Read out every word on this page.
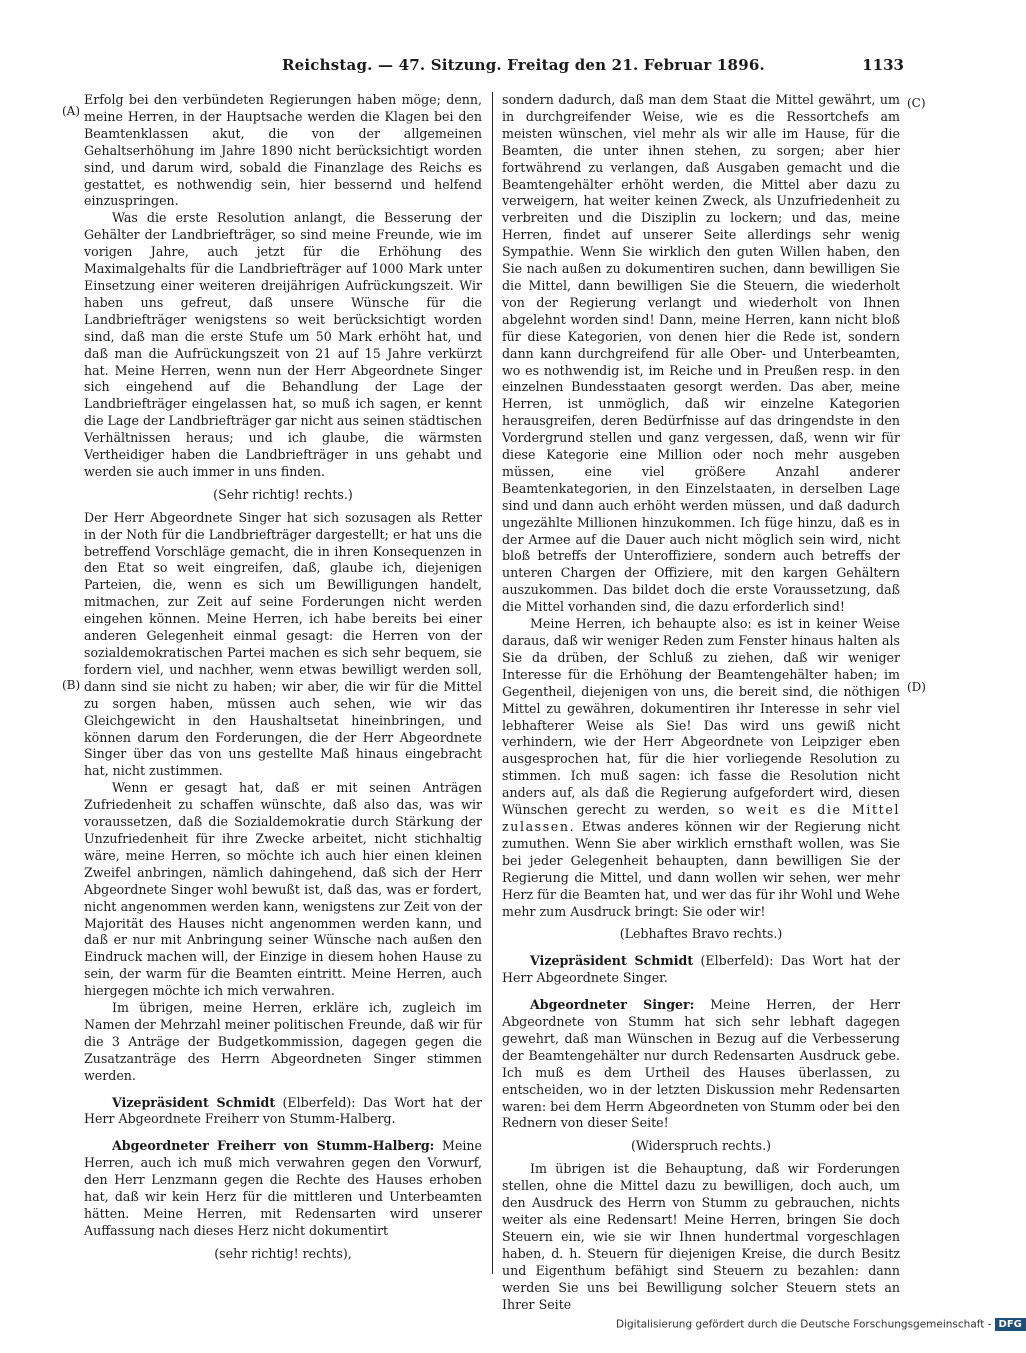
Reichstag. — 47. Sitzung. Freitag den 21. Februar 1896.	1133
(A)
(B)
(C)
(D)

Erfolg bei den verbündeten Regierungen haben möge; denn, meine Herren, in der Hauptsache werden die Klagen bei den Beamtenklassen akut, die von der allgemeinen Gehaltserhöhung im Jahre 1890 nicht berücksichtigt worden sind, und darum wird, sobald die Finanzlage des Reichs es gestattet, es nothwendig sein, hier bessernd und helfend einzuspringen.

Was die erste Resolution anlangt, die Besserung der Gehälter der Landbriefträger, so sind meine Freunde, wie im vorigen Jahre, auch jetzt für die Erhöhung des Maximalgehalts für die Landbriefträger auf 1000 Mark unter Einsetzung einer weiteren dreijährigen Aufrückungszeit. Wir haben uns gefreut, daß unsere Wünsche für die Landbriefträger wenigstens so weit berücksichtigt worden sind, daß man die erste Stufe um 50 Mark erhöht hat, und daß man die Aufrückungszeit von 21 auf 15 Jahre verkürzt hat. Meine Herren, wenn nun der Herr Abgeordnete Singer sich eingehend auf die Behandlung der Lage der Landbriefträger eingelassen hat, so muß ich sagen, er kennt die Lage der Landbriefträger gar nicht aus seinen städtischen Verhältnissen heraus; und ich glaube, die wärmsten Vertheidiger haben die Landbriefträger in uns gehabt und werden sie auch immer in uns finden.

(Sehr richtig! rechts.)

Der Herr Abgeordnete Singer hat sich sozusagen als Retter in der Noth für die Landbriefträger dargestellt; er hat uns die betreffend Vorschläge gemacht, die in ihren Konsequenzen in den Etat so weit eingreifen, daß, glaube ich, diejenigen Parteien, die, wenn es sich um Bewilligungen handelt, mitmachen, zur Zeit auf seine Forderungen nicht werden eingehen können. Meine Herren, ich habe bereits bei einer anderen Gelegenheit einmal gesagt: die Herren von der sozialdemokratischen Partei machen es sich sehr bequem, sie fordern viel, und nachher, wenn etwas bewilligt werden soll, dann sind sie nicht zu haben; wir aber, die wir für die Mittel zu sorgen haben, müssen auch sehen, wie wir das Gleichgewicht in den Haushaltsetat hineinbringen, und können darum den Forderungen, die der Herr Abgeordnete Singer über das von uns gestellte Maß hinaus eingebracht hat, nicht zustimmen.

Wenn er gesagt hat, daß er mit seinen Anträgen Zufriedenheit zu schaffen wünschte, daß also das, was wir voraussetzen, daß die Sozialdemokratie durch Stärkung der Unzufriedenheit für ihre Zwecke arbeitet, nicht stichhaltig wäre, meine Herren, so möchte ich auch hier einen kleinen Zweifel anbringen, nämlich dahingehend, daß sich der Herr Abgeordnete Singer wohl bewußt ist, daß das, was er fordert, nicht angenommen werden kann, wenigstens zur Zeit von der Majorität des Hauses nicht angenommen werden kann, und daß er nur mit Anbringung seiner Wünsche nach außen den Eindruck machen will, der Einzige in diesem hohen Hause zu sein, der warm für die Beamten eintritt. Meine Herren, auch hiergegen möchte ich mich verwahren.

Im übrigen, meine Herren, erkläre ich, zugleich im Namen der Mehrzahl meiner politischen Freunde, daß wir für die 3 Anträge der Budgetkommission, dagegen gegen die Zusatzanträge des Herrn Abgeordneten Singer stimmen werden.

Vizepräsident Schmidt (Elberfeld): Das Wort hat der Herr Abgeordnete Freiherr von Stumm-Halberg.

Abgeordneter Freiherr von Stumm-Halberg: Meine Herren, auch ich muß mich verwahren gegen den Vorwurf, den Herr Lenzmann gegen die Rechte des Hauses erhoben hat, daß wir kein Herz für die mittleren und Unterbeamten hätten. Meine Herren, mit Redensarten wird unserer Auffassung nach dieses Herz nicht dokumentirt

(sehr richtig! rechts),

sondern dadurch, daß man dem Staat die Mittel gewährt, um in durchgreifender Weise, wie es die Ressortchefs am meisten wünschen, viel mehr als wir alle im Hause, für die Beamten, die unter ihnen stehen, zu sorgen; aber hier fortwährend zu verlangen, daß Ausgaben gemacht und die Beamtengehälter erhöht werden, die Mittel aber dazu zu verweigern, hat weiter keinen Zweck, als Unzufriedenheit zu verbreiten und die Disziplin zu lockern; und das, meine Herren, findet auf unserer Seite allerdings sehr wenig Sympathie. Wenn Sie wirklich den guten Willen haben, den Sie nach außen zu dokumentiren suchen, dann bewilligen Sie die Mittel, dann bewilligen Sie die Steuern, die wiederholt von der Regierung verlangt und wiederholt von Ihnen abgelehnt worden sind! Dann, meine Herren, kann nicht bloß für diese Kategorien, von denen hier die Rede ist, sondern dann kann durchgreifend für alle Ober- und Unterbeamten, wo es nothwendig ist, im Reiche und in Preußen resp. in den einzelnen Bundesstaaten gesorgt werden. Das aber, meine Herren, ist unmöglich, daß wir einzelne Kategorien herausgreifen, deren Bedürfnisse auf das dringendste in den Vordergrund stellen und ganz vergessen, daß, wenn wir für diese Kategorie eine Million oder noch mehr ausgeben müssen, eine viel größere Anzahl anderer Beamtenkategorien, in den Einzelstaaten, in derselben Lage sind und dann auch erhöht werden müssen, und daß dadurch ungezählte Millionen hinzukommen. Ich füge hinzu, daß es in der Armee auf die Dauer auch nicht möglich sein wird, nicht bloß betreffs der Unteroffiziere, sondern auch betreffs der unteren Chargen der Offiziere, mit den kargen Gehältern auszukommen. Das bildet doch die erste Voraussetzung, daß die Mittel vorhanden sind, die dazu erforderlich sind!

Meine Herren, ich behaupte also: es ist in keiner Weise daraus, daß wir weniger Reden zum Fenster hinaus halten als Sie da drüben, der Schluß zu ziehen, daß wir weniger Interesse für die Erhöhung der Beamtengehälter haben; im Gegentheil, diejenigen von uns, die bereit sind, die nöthigen Mittel zu gewähren, dokumentiren ihr Interesse in sehr viel lebhafterer Weise als Sie! Das wird uns gewiß nicht verhindern, wie der Herr Abgeordnete von Leipziger eben ausgesprochen hat, für die hier vorliegende Resolution zu stimmen. Ich muß sagen: ich fasse die Resolution nicht anders auf, als daß die Regierung aufgefordert wird, diesen Wünschen gerecht zu werden, so weit es die Mittel zulassen. Etwas anderes können wir der Regierung nicht zumuthen. Wenn Sie aber wirklich ernsthaft wollen, was Sie bei jeder Gelegenheit behaupten, dann bewilligen Sie der Regierung die Mittel, und dann wollen wir sehen, wer mehr Herz für die Beamten hat, und wer das für ihr Wohl und Wehe mehr zum Ausdruck bringt: Sie oder wir!

(Lebhaftes Bravo rechts.)

Vizepräsident Schmidt (Elberfeld): Das Wort hat der Herr Abgeordnete Singer.

Abgeordneter Singer: Meine Herren, der Herr Abgeordnete von Stumm hat sich sehr lebhaft dagegen gewehrt, daß man Wünschen in Bezug auf die Verbesserung der Beamtengehälter nur durch Redensarten Ausdruck gebe. Ich muß es dem Urtheil des Hauses überlassen, zu entscheiden, wo in der letzten Diskussion mehr Redensarten waren: bei dem Herrn Abgeordneten von Stumm oder bei den Rednern von dieser Seite!

(Widerspruch rechts.)

Im übrigen ist die Behauptung, daß wir Forderungen stellen, ohne die Mittel dazu zu bewilligen, doch auch, um den Ausdruck des Herrn von Stumm zu gebrauchen, nichts weiter als eine Redensart! Meine Herren, bringen Sie doch Steuern ein, wie sie wir Ihnen hundertmal vorgeschlagen haben, d. h. Steuern für diejenigen Kreise, die durch Besitz und Eigenthum befähigt sind Steuern zu bezahlen: dann werden Sie uns bei Bewilligung solcher Steuern stets an Ihrer Seite

Digitalisierung gefördert durch die Deutsche Forschungsgemeinschaft - DFG
